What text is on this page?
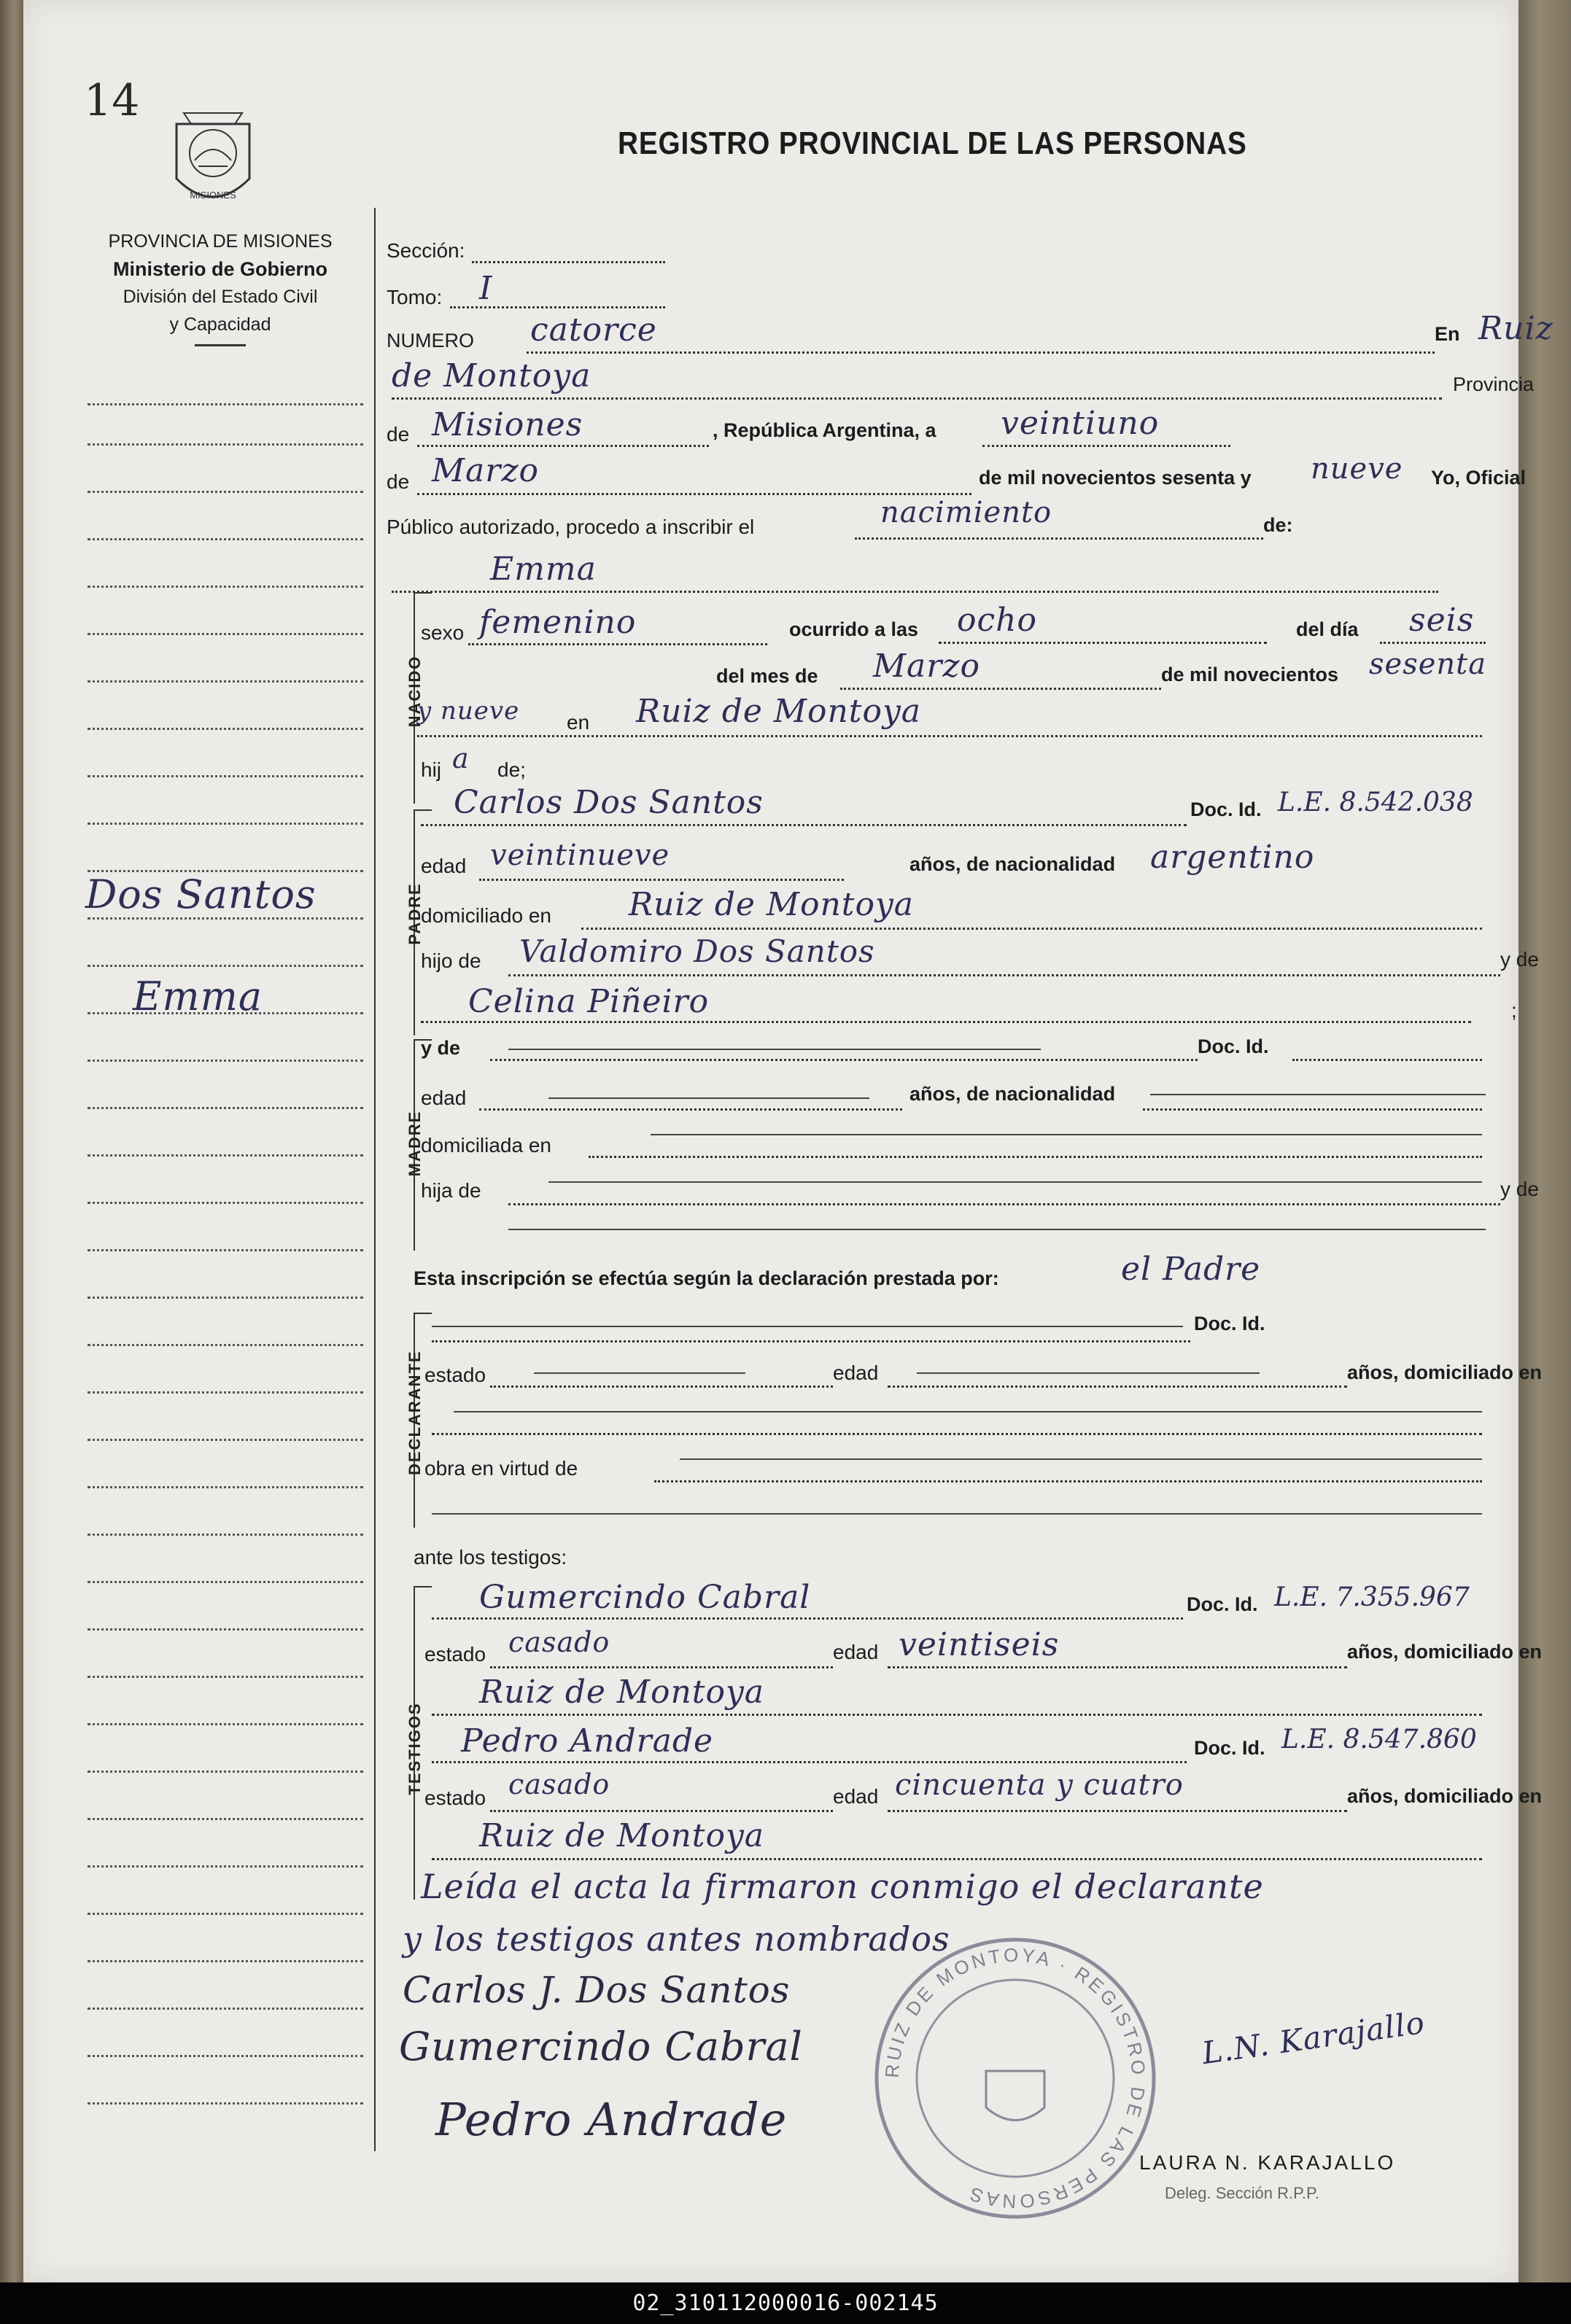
14
MISIONES
PROVINCIA DE MISIONES
Ministerio de Gobierno
División del Estado Civil
y Capacidad
REGISTRO PROVINCIAL DE LAS PERSONAS
Dos Santos
Emma
Sección:
Tomo: I
NUMERO catorce	En Ruiz
de Montoya	Provincia
de Misiones	, República Argentina, a veintiuno
de Marzo	de mil novecientos sesenta y nueve Yo, Oficial
Público autorizado, procedo a inscribir el	nacimiento	de:
Emma
NACIDO
sexo femenino	ocurrido a las ocho	del día seis
del mes de Marzo	de mil novecientos sesenta
y nueve en Ruiz de Montoya
hij a de;
PADRE
Carlos Dos Santos	Doc. Id. L.E. 8.542.038
edad veintinueve	años, de nacionalidad argentino
domiciliado en Ruiz de Montoya
hijo de Valdomiro Dos Santos	y de
Celina Piñeiro	;
MADRE
y de	Doc. Id.
edad	años, de nacionalidad
domiciliada en
hija de	y de
Esta inscripción se efectúa según la declaración prestada por:	el Padre
DECLARANTE
Doc. Id.
estado	edad	años, domiciliado en
obra en virtud de
ante los testigos:
TESTIGOS
Gumercindo Cabral	Doc. Id. L.E. 7.355.967
estado casado	edad veintiseis	años, domiciliado en
Ruiz de Montoya
Pedro Andrade	Doc. Id. L.E. 8.547.860
estado casado	edad cincuenta y cuatro	años, domiciliado en
Ruiz de Montoya
Leída el acta la firmaron conmigo el declarante
y los testigos antes nombrados
Carlos J. Dos Santos
Gumercindo Cabral
Pedro Andrade
RUIZ DE MONTOYA · REGISTRO DE LAS PERSONAS
L.N. Karajallo
LAURA N. KARAJALLO
Deleg. Sección R.P.P.
02_310112000016-002145
